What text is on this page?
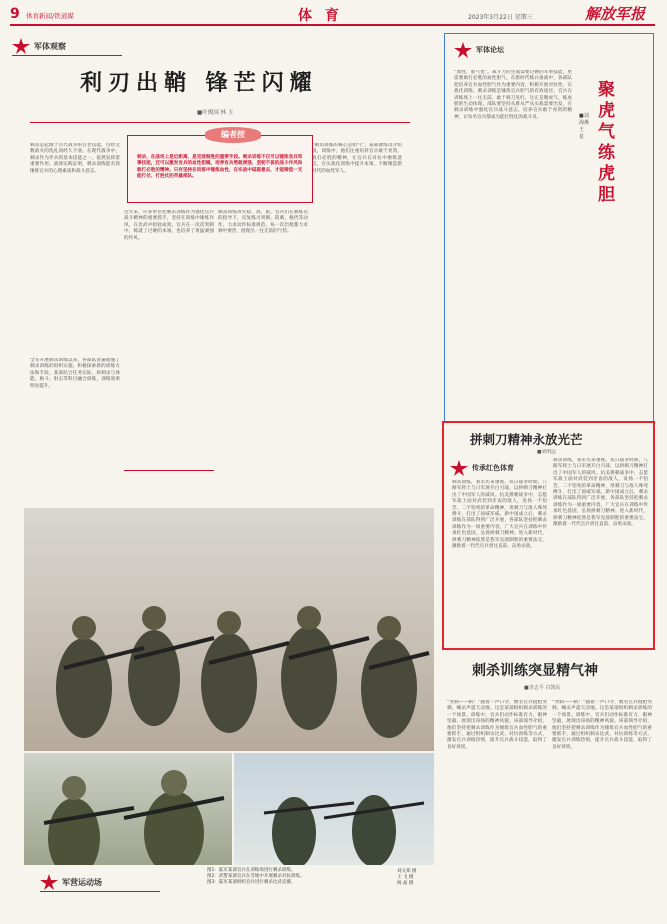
9 体育新闻/铁道媒	体 育	2023年3月22日 星期三	解放军报
军体观察
利刃出鞘 锋芒闪耀
■叶俊国 林 玉
编者按
刺杀，在战场上是近距离、是克敌制胜的重要手段。刺杀训练不仅可以锤炼官兵军事技能，还可以激发官兵的血性胆魄，培养官兵勇敢顽强、坚韧不拔的战斗作风和敢打必胜的精神。只有坚持在训练中锤炼血性，在实战中砥砺意志，才能铸造一支能打仗、打胜仗的英雄部队。
刺杀是起源于古代战争的古老技能，历经无数战火的洗礼而经久不衰。在现代战争中，刺杀作为步兵的基本技能之一，依然发挥着重要作用。战场实践证明，刺杀训练能有效锤炼官兵的心理素质和战斗意志。
全军开展刺杀训练以来，各部队普遍加强了刺杀训练的组织实施，积极探索新的训练方法和手段。某部结合任务实际，将刺杀与体能、格斗、射击等科目融合训练，训练效果明显提升。
近年来，许多单位把刺杀训练作为强化官兵战斗精神的重要抓手，坚持在训练中锤炼作风，在比武中检验成效。官兵在一次次突刺中，练就了过硬的本领，也培养了勇猛顽强的作风。
刺杀训练讲究稳、准、狠。官兵们在教练员的指导下，反复练习突刺、防刺、格挡等动作，力求动作标准规范，每一次出枪都力求刺中要害，展现出一往无前的气势。
“刺杀训练的核心是胆气”，某部教练员介绍说，训练中，他们注重培养官兵敢于亮剑、敢打必胜的精神，让官兵在对抗中磨炼意志，在实战化训练中提升本领，不断锤造新时代的血性军人。
军体论坛
聚虎气 练虎胆
■刘海燕 王 星
“血性，胆气也”。战斗力的生成需要过硬的军事技能，更需要敢打必胜的血性胆气。在新时代练兵备战中，各部队把培养官兵血性胆气作为重要内容，积极开展对抗性、实战化训练。刺杀训练是锤炼官兵胆气的有效途径，官兵在训练场上一往无前、敢于刺刀见红，这正是聚虎气、练虎胆的生动体现。部队要坚持从难从严从实战需要出发，在刺杀训练中强化官兵战斗意志，培养官兵敢于亮剑的精神，让每名官兵都成为能打胜仗的战斗员。
拼刺刀精神永放光芒
■刘明远
传承红色体育
刺杀训练，我军历来重视。抗日战争时期，八路军将士与日军展开白刃战，以拼刺刀精神打出了中国军人的威风。抗美援朝战争中，志愿军战士面对武装到牙齿的敌人，发扬一不怕苦、二不怕死的革命精神，用刺刀与敌人殊死搏斗，打出了国威军威。新中国成立后，刺杀训练在部队得到广泛开展，各部队坚持把刺杀训练作为一项重要内容，广大官兵在训练中传承红色基因，弘扬拼刺刀精神。进入新时代，拼刺刀精神依然是我军克敌制胜的重要法宝，激励着一代代官兵勇往直前、奋勇杀敌。
刺杀训练，我军历来重视。抗日战争时期，八路军将士与日军展开白刃战，以拼刺刀精神打出了中国军人的威风。抗美援朝战争中，志愿军战士面对武装到牙齿的敌人，发扬一不怕苦、二不怕死的革命精神，用刺刀与敌人殊死搏斗，打出了国威军威。新中国成立后，刺杀训练在部队得到广泛开展，各部队坚持把刺杀训练作为一项重要内容，广大官兵在训练中传承红色基因，弘扬拼刺刀精神。进入新时代，拼刺刀精神依然是我军克敌制胜的重要法宝，激励着一代代官兵勇往直前、奋勇杀敌。
刺杀训练突显精气神
■李志平 白凯东
“突刺——刺！”随着一声口令，数名官兵挺枪突刺，喊杀声震天动地。这是某部组织刺杀训练的一个场景。训练中，官兵们动作标准有力，眼神坚毅，展现出昂扬的精神风貌。该部领导介绍，他们坚持把刺杀训练作为锤炼官兵血性胆气的重要抓手，通过组织刺杀比武、对抗训练等方式，激发官兵训练热情，提升官兵战斗技能，取得了良好效果。
“突刺——刺！”随着一声口令，数名官兵挺枪突刺，喊杀声震天动地。这是某部组织刺杀训练的一个场景。训练中，官兵们动作标准有力，眼神坚毅，展现出昂扬的精神风貌。该部领导介绍，他们坚持把刺杀训练作为锤炼官兵血性胆气的重要抓手，通过组织刺杀比武、对抗训练等方式，激发官兵训练热情，提升官兵战斗技能，取得了良好效果。
军营运动场
图1：陆军某部官兵在训练场进行刺杀训练。
图2：武警某部官兵在雪地中开展刺杀对抗训练。
图3：陆军某部组织官兵进行刺杀比武竞赛。
刘文郑 摄
王 飞 摄
杨 晶 摄
